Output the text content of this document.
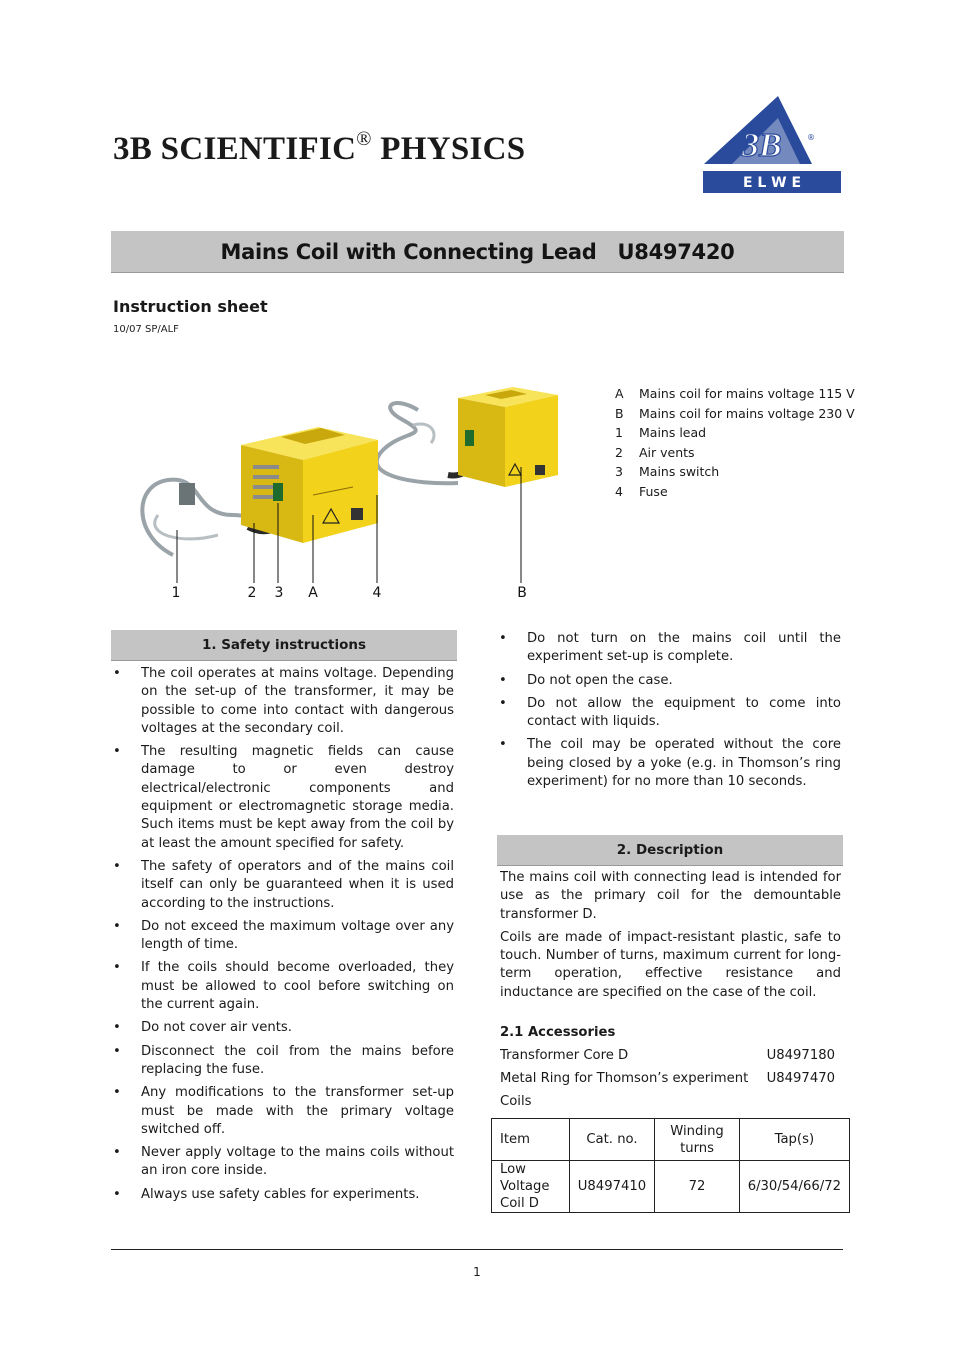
3B SCIENTIFIC® PHYSICS	3B	®
E L W E
Mains Coil with Connecting Lead   U8497420
Instruction sheet
10/07 SP/ALF
1	2 3 A	4	B
A	Mains coil for mains voltage 115 V
B	Mains coil for mains voltage 230 V
1	Mains lead
2	Air vents
3	Mains switch
4	Fuse
1. Safety instructions
• The coil operates at mains voltage. Depending on the set-up of the transformer, it may be possible to come into contact with dangerous voltages at the secondary coil.
• The resulting magnetic fields can cause damage to or even destroy electrical/electronic components and equipment or electromagnetic storage media. Such items must be kept away from the coil by at least the amount specified for safety.
• The safety of operators and of the mains coil itself can only be guaranteed when it is used according to the instructions.
• Do not exceed the maximum voltage over any length of time.
• If the coils should become overloaded, they must be allowed to cool before switching on the current again.
• Do not cover air vents.
• Disconnect the coil from the mains before replacing the fuse.
• Any modifications to the transformer set-up must be made with the primary voltage switched off.
• Never apply voltage to the mains coils without an iron core inside.
• Always use safety cables for experiments.
• Do not turn on the mains coil until the experiment set-up is complete.
• Do not open the case.
• Do not allow the equipment to come into contact with liquids.
• The coil may be operated without the core being closed by a yoke (e.g. in Thomson’s ring experiment) for no more than 10 seconds.
2. Description

The mains coil with connecting lead is intended for use as the primary coil for the demountable transformer D.

Coils are made of impact-resistant plastic, safe to touch. Number of turns, maximum current for long-term operation, effective resistance and inductance are specified on the case of the coil.

2.1 Accessories
Transformer Core D	U8497180
Metal Ring for Thomson’s experiment U8497470
Coils
Item	Cat. no.	Winding turns	Tap(s)
Low Voltage Coil D	U8497410	72	6/30/54/66/72
1
